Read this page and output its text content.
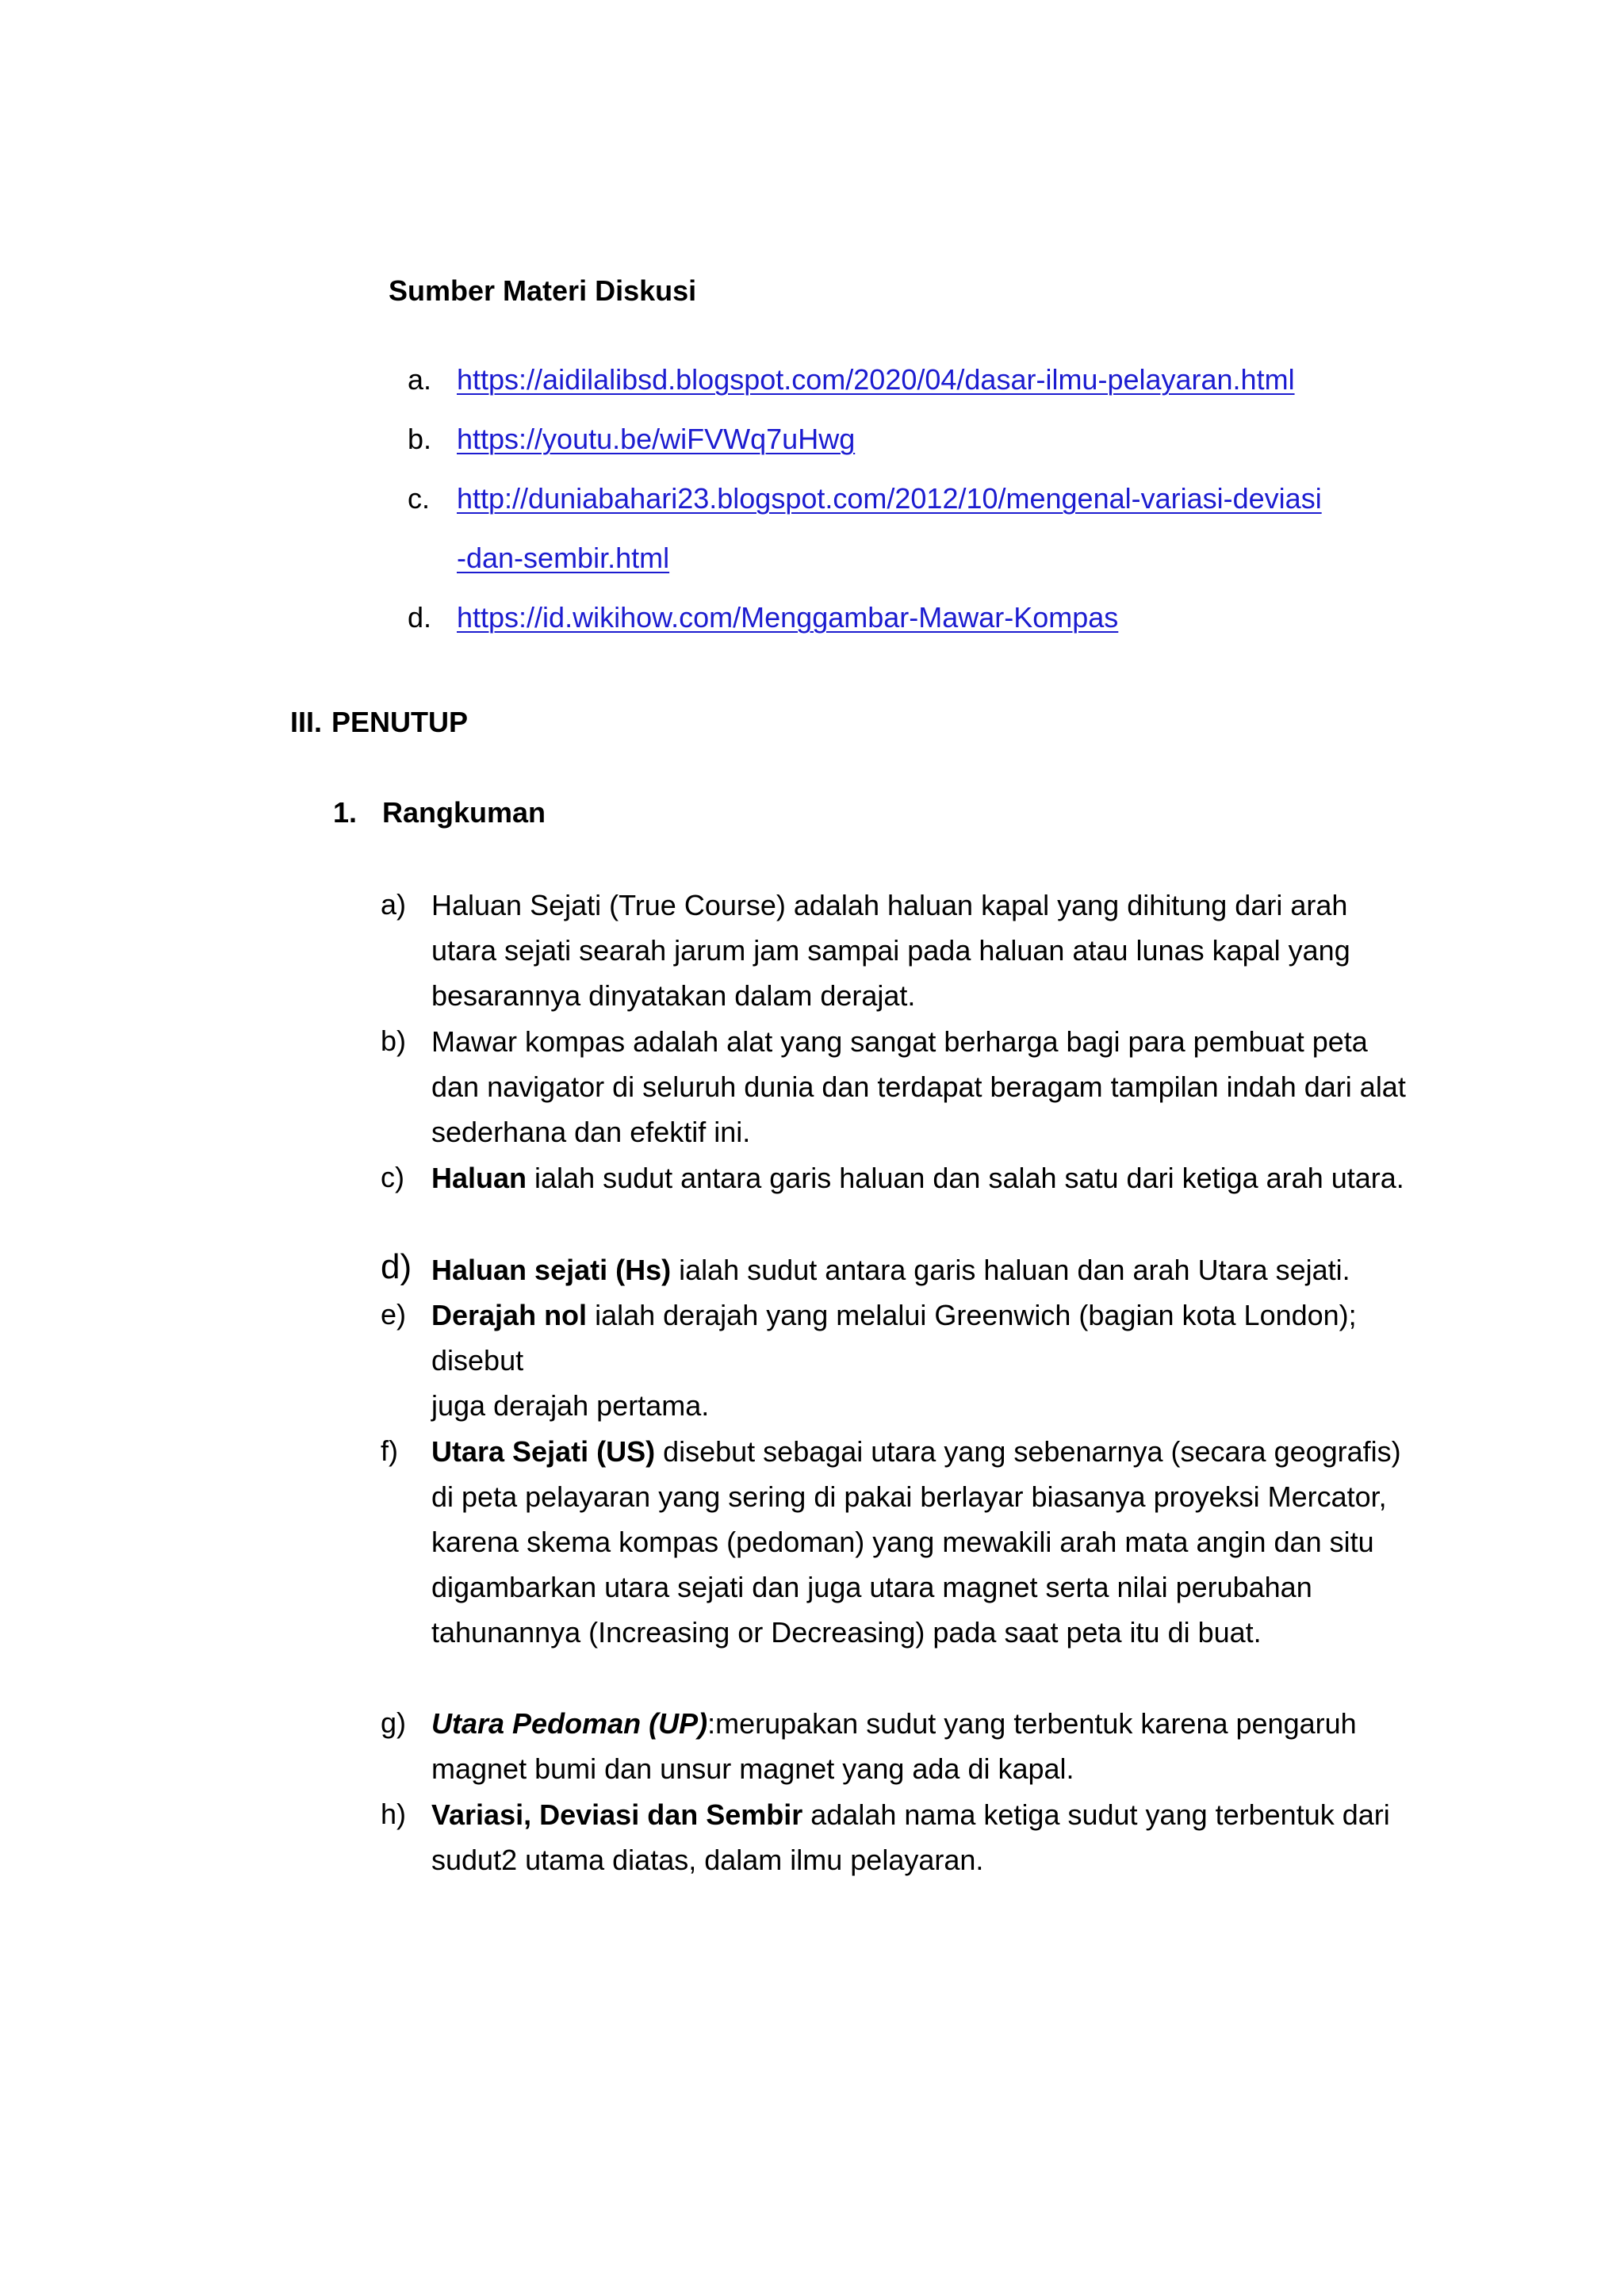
Sumber Materi Diskusi
a. https://aidilalibsd.blogspot.com/2020/04/dasar-ilmu-pelayaran.html
b. https://youtu.be/wiFVWq7uHwg
c. http://duniabahari23.blogspot.com/2012/10/mengenal-variasi-deviasi
-dan-sembir.html
d. https://id.wikihow.com/Menggambar-Mawar-Kompas
III. PENUTUP
1. Rangkuman
a) Haluan Sejati (True Course) adalah haluan kapal yang dihitung dari arah utara sejati searah jarum jam sampai pada haluan atau lunas kapal yang besarannya dinyatakan dalam derajat.
b) Mawar kompas adalah alat yang sangat berharga bagi para pembuat peta dan navigator di seluruh dunia dan terdapat beragam tampilan indah dari alat sederhana dan efektif ini.
c) Haluan ialah sudut antara garis haluan dan salah satu dari ketiga arah utara.
d) Haluan sejati (Hs) ialah sudut antara garis haluan dan arah Utara sejati.
e) Derajah nol ialah derajah yang melalui Greenwich (bagian kota London); disebut
juga derajah pertama.
f) Utara Sejati (US) disebut sebagai utara yang sebenarnya (secara geografis) di peta pelayaran yang sering di pakai berlayar biasanya proyeksi Mercator, karena skema kompas (pedoman) yang mewakili arah mata angin dan situ digambarkan utara sejati dan juga utara magnet serta nilai perubahan tahunannya (Increasing or Decreasing) pada saat peta itu di buat.
g) Utara Pedoman (UP):merupakan sudut yang terbentuk karena pengaruh magnet bumi dan unsur magnet yang ada di kapal.
h) Variasi, Deviasi dan Sembir adalah nama ketiga sudut yang terbentuk dari sudut2 utama diatas, dalam ilmu pelayaran.
